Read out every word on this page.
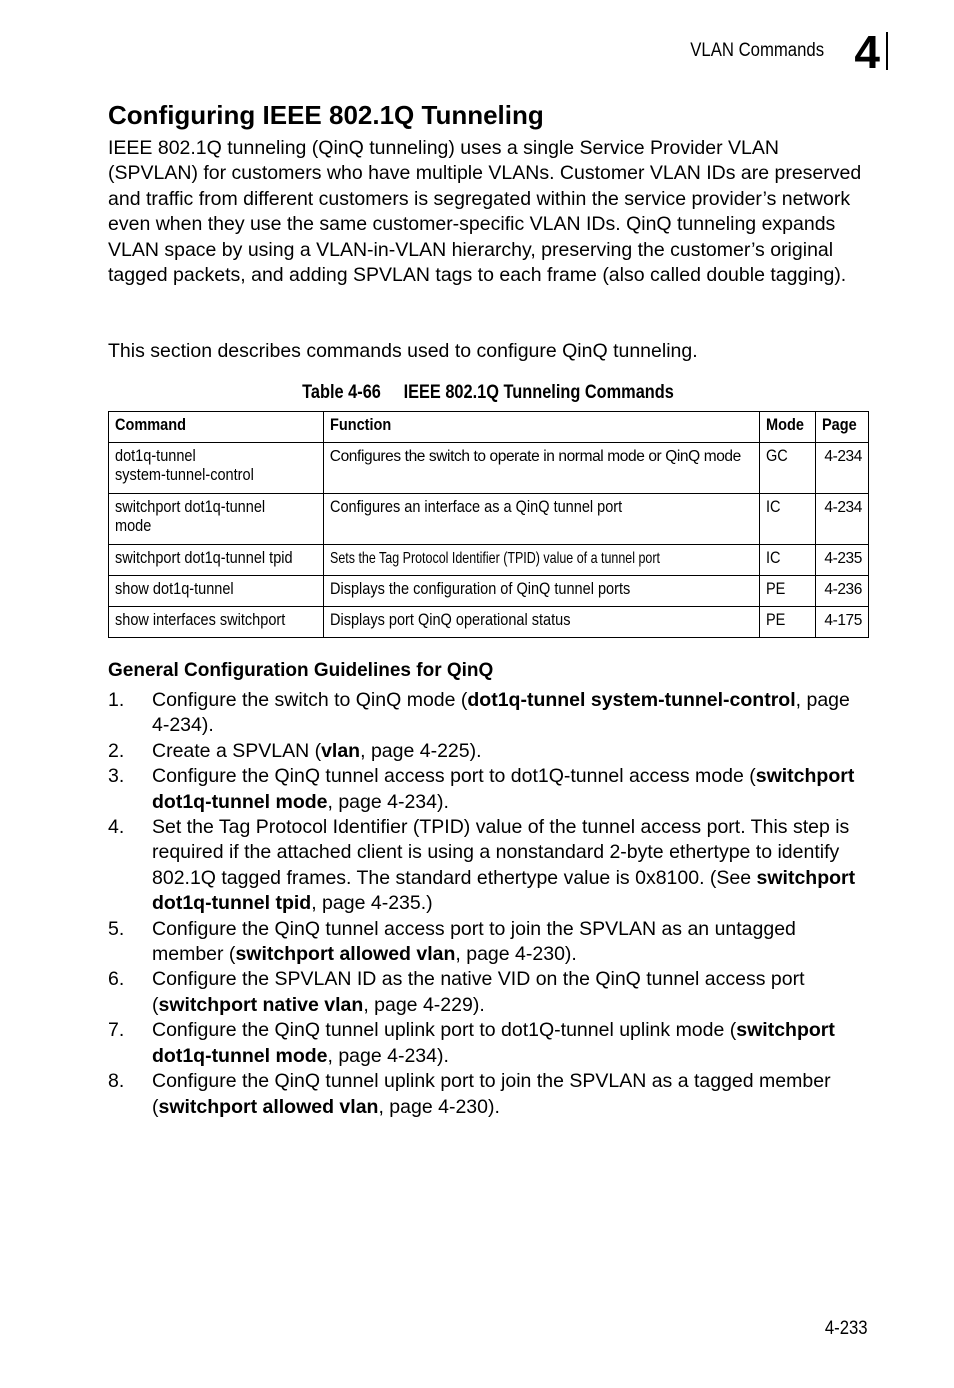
VLAN Commands 4
Configuring IEEE 802.1Q Tunneling

IEEE 802.1Q tunneling (QinQ tunneling) uses a single Service Provider VLAN (SPVLAN) for customers who have multiple VLANs. Customer VLAN IDs are preserved and traffic from different customers is segregated within the service provider’s network even when they use the same customer-specific VLAN IDs. QinQ tunneling expands VLAN space by using a VLAN-in-VLAN hierarchy, preserving the customer’s original tagged packets, and adding SPVLAN tags to each frame (also called double tagging).

This section describes commands used to configure QinQ tunneling.

Table 4-66     IEEE 802.1Q Tunneling Commands
Command	Function	Mode	Page
dot1q-tunnel
system-tunnel-control	Configures the switch to operate in normal mode or QinQ mode	GC	4-234
switchport dot1q-tunnel
mode	Configures an interface as a QinQ tunnel port	IC	4-234
switchport dot1q-tunnel tpid	Sets the Tag Protocol Identifier (TPID) value of a tunnel port	IC	4-235
show dot1q-tunnel	Displays the configuration of QinQ tunnel ports	PE	4-236
show interfaces switchport	Displays port QinQ operational status	PE	4-175
General Configuration Guidelines for QinQ
1. Configure the switch to QinQ mode (dot1q-tunnel system-tunnel-control, page 4-234).
2. Create a SPVLAN (vlan, page 4-225).
3. Configure the QinQ tunnel access port to dot1Q-tunnel access mode (switchport dot1q-tunnel mode, page 4-234).
4. Set the Tag Protocol Identifier (TPID) value of the tunnel access port. This step is required if the attached client is using a nonstandard 2-byte ethertype to identify 802.1Q tagged frames. The standard ethertype value is 0x8100. (See switchport dot1q-tunnel tpid, page 4-235.)
5. Configure the QinQ tunnel access port to join the SPVLAN as an untagged member (switchport allowed vlan, page 4-230).
6. Configure the SPVLAN ID as the native VID on the QinQ tunnel access port (switchport native vlan, page 4-229).
7. Configure the QinQ tunnel uplink port to dot1Q-tunnel uplink mode (switchport dot1q-tunnel mode, page 4-234).
8. Configure the QinQ tunnel uplink port to join the SPVLAN as a tagged member (switchport allowed vlan, page 4-230).
4-233
